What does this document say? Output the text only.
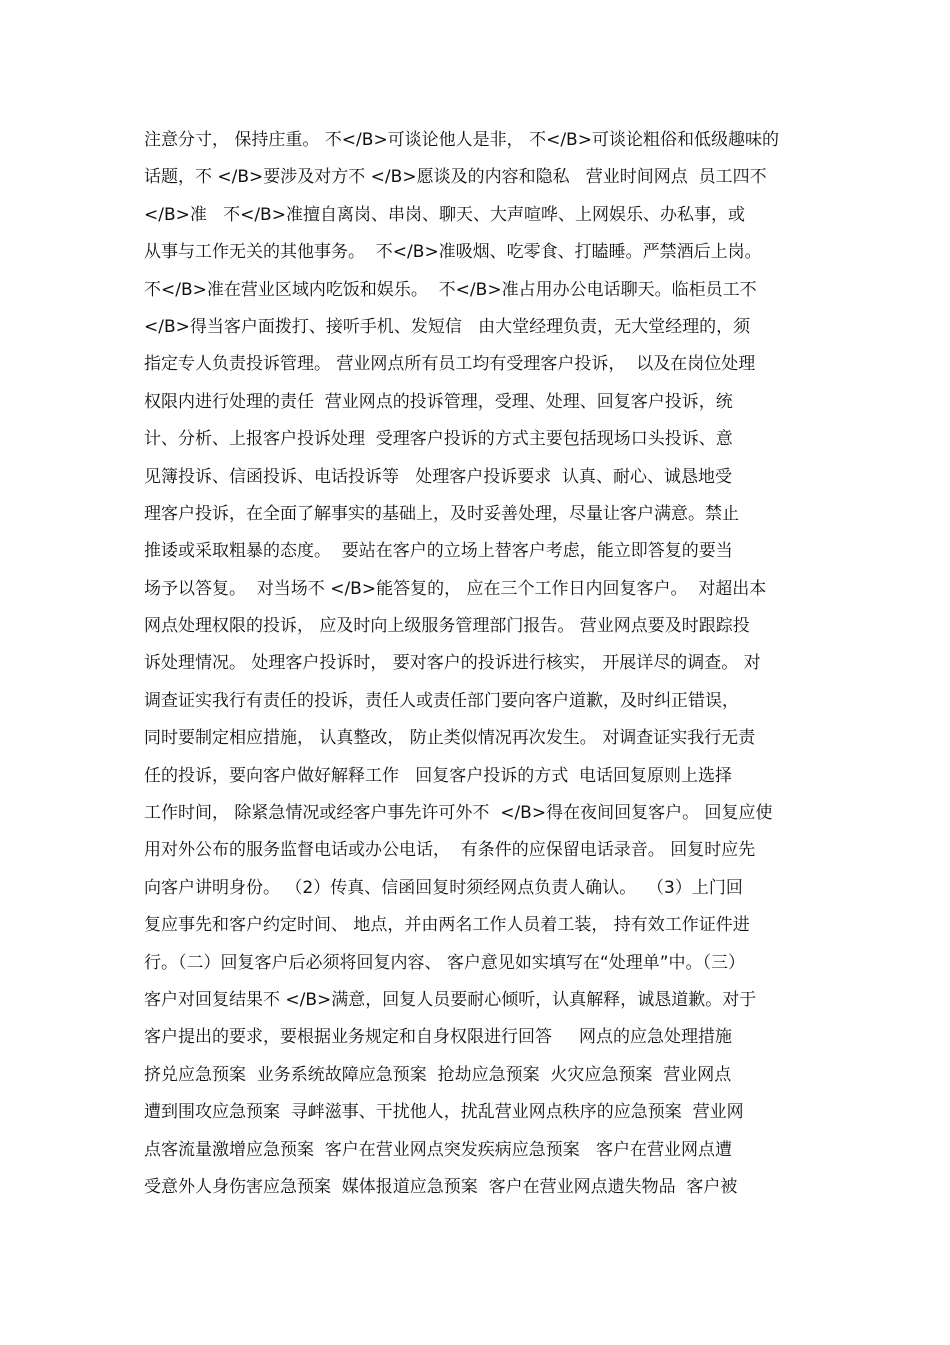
注意分寸， 保持庄重。 不</B>可谈论他人是非， 不</B>可谈论粗俗和低级趣味的
话题，不 </B>要涉及对方不 </B>愿谈及的内容和隐私   营业时间网点  员工四不
</B>准   不</B>准擅自离岗、串岗、聊天、大声喧哗、上网娱乐、办私事，或
从事与工作无关的其他事务。  不</B>准吸烟、吃零食、打瞌睡。严禁酒后上岗。
不</B>准在营业区域内吃饭和娱乐。  不</B>准占用办公电话聊天。临柜员工不
</B>得当客户面拨打、接听手机、发短信   由大堂经理负责，无大堂经理的，须
指定专人负责投诉管理。 营业网点所有员工均有受理客户投诉，  以及在岗位处理
权限内进行处理的责任  营业网点的投诉管理，受理、处理、回复客户投诉，统
计、分析、上报客户投诉处理  受理客户投诉的方式主要包括现场口头投诉、意
见簿投诉、信函投诉、电话投诉等   处理客户投诉要求  认真、耐心、诚恳地受
理客户投诉，在全面了解事实的基础上，及时妥善处理，尽量让客户满意。禁止
推诿或采取粗暴的态度。  要站在客户的立场上替客户考虑，能立即答复的要当
场予以答复。  对当场不 </B>能答复的， 应在三个工作日内回复客户。  对超出本
网点处理权限的投诉， 应及时向上级服务管理部门报告。 营业网点要及时跟踪投
诉处理情况。 处理客户投诉时， 要对客户的投诉进行核实， 开展详尽的调查。 对
调查证实我行有责任的投诉，责任人或责任部门要向客户道歉，及时纠正错误，
同时要制定相应措施， 认真整改， 防止类似情况再次发生。 对调查证实我行无责
任的投诉，要向客户做好解释工作   回复客户投诉的方式  电话回复原则上选择
工作时间， 除紧急情况或经客户事先许可外不  </B>得在夜间回复客户。 回复应使
用对外公布的服务监督电话或办公电话，  有条件的应保留电话录音。 回复时应先
向客户讲明身份。 （2）传真、信函回复时须经网点负责人确认。  （3）上门回
复应事先和客户约定时间、 地点，并由两名工作人员着工装， 持有效工作证件进
行。（二）回复客户后必须将回复内容、 客户意见如实填写在“处理单”中。（三）
客户对回复结果不 </B>满意，回复人员要耐心倾听，认真解释，诚恳道歉。对于
客户提出的要求，要根据业务规定和自身权限进行回答     网点的应急处理措施
挤兑应急预案  业务系统故障应急预案  抢劫应急预案  火灾应急预案  营业网点
遭到围攻应急预案  寻衅滋事、干扰他人，扰乱营业网点秩序的应急预案  营业网
点客流量激增应急预案  客户在营业网点突发疾病应急预案   客户在营业网点遭
受意外人身伤害应急预案  媒体报道应急预案  客户在营业网点遗失物品  客户被
